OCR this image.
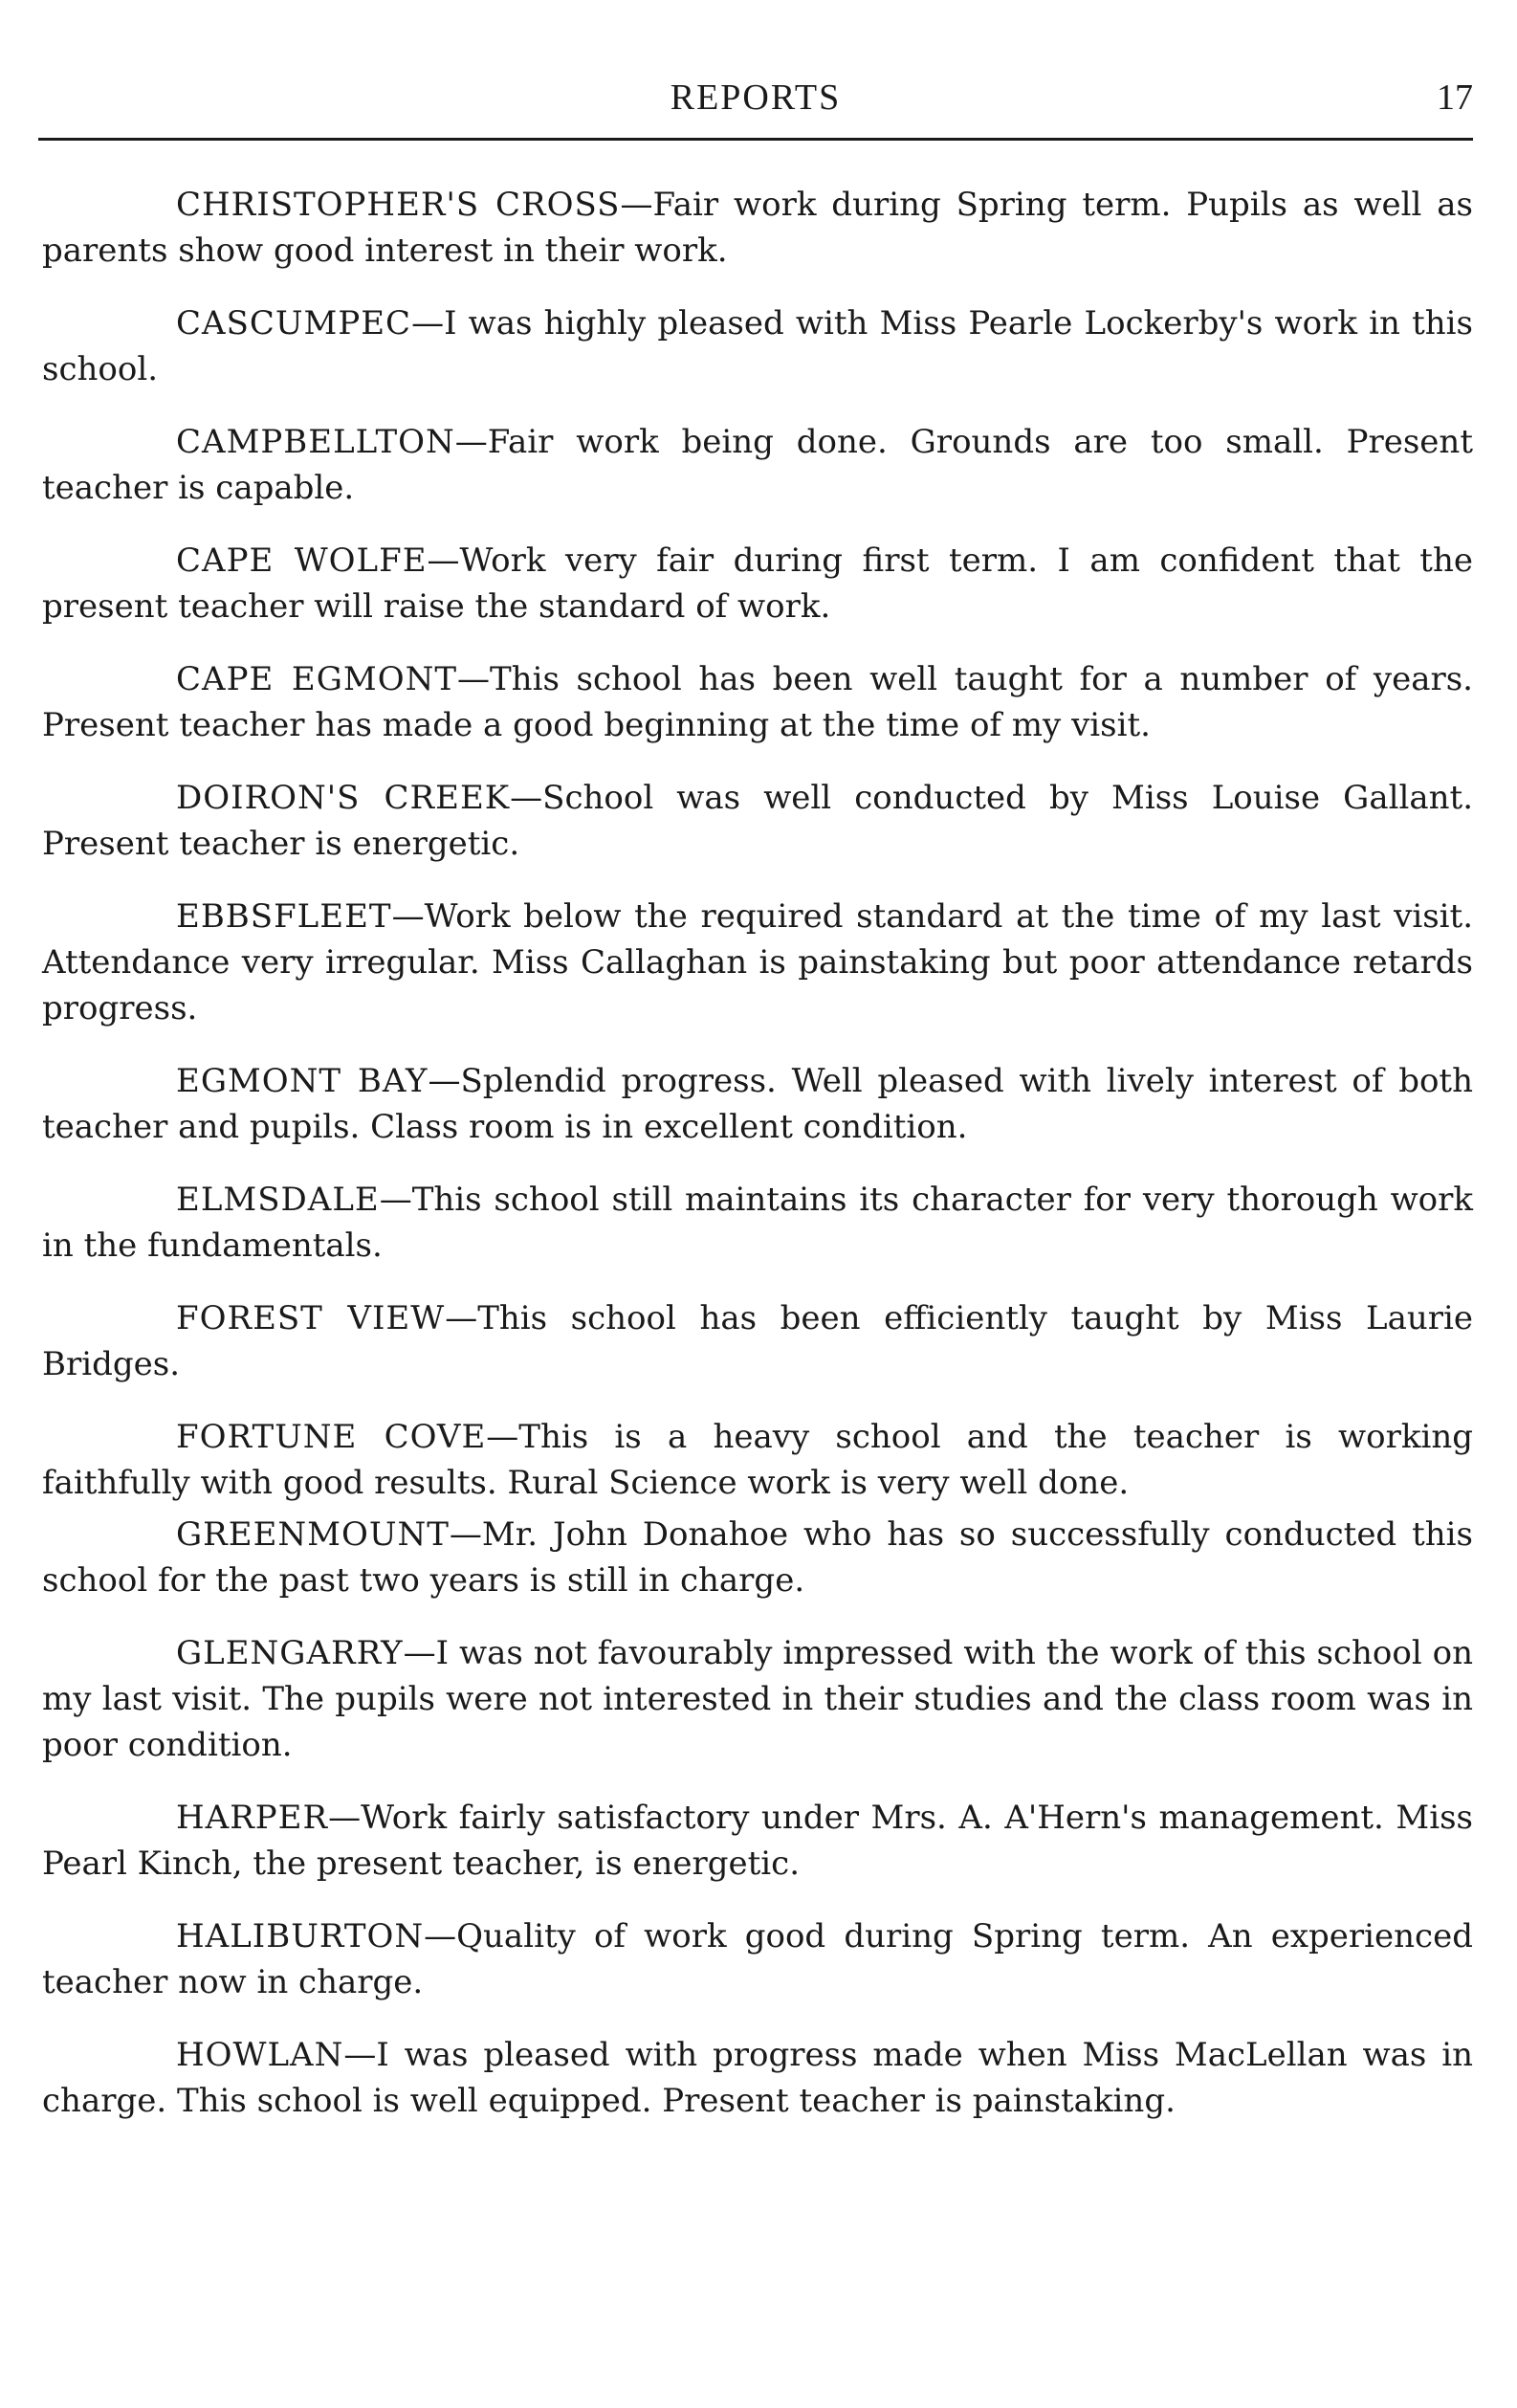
REPORTS	17

CHRISTOPHER'S CROSS—Fair work during Spring term. Pupils as well as parents show good interest in their work.

CASCUMPEC—I was highly pleased with Miss Pearle Lockerby's work in this school.

CAMPBELLTON—Fair work being done. Grounds are too small. Present teacher is capable.

CAPE WOLFE—Work very fair during first term. I am confident that the present teacher will raise the standard of work.

CAPE EGMONT—This school has been well taught for a number of years. Present teacher has made a good beginning at the time of my visit.

DOIRON'S CREEK—School was well conducted by Miss Louise Gallant. Present teacher is energetic.

EBBSFLEET—Work below the required standard at the time of my last visit. Attendance very irregular. Miss Callaghan is painstaking but poor attendance retards progress.

EGMONT BAY—Splendid progress. Well pleased with lively interest of both teacher and pupils. Class room is in excellent condition.

ELMSDALE—This school still maintains its character for very thorough work in the fundamentals.

FOREST VIEW—This school has been efficiently taught by Miss Laurie Bridges.

FORTUNE COVE—This is a heavy school and the teacher is working faithfully with good results. Rural Science work is very well done.

GREENMOUNT—Mr. John Donahoe who has so successfully conducted this school for the past two years is still in charge.

GLENGARRY—I was not favourably impressed with the work of this school on my last visit. The pupils were not interested in their studies and the class room was in poor condition.

HARPER—Work fairly satisfactory under Mrs. A. A'Hern's management. Miss Pearl Kinch, the present teacher, is energetic.

HALIBURTON—Quality of work good during Spring term. An experienced teacher now in charge.

HOWLAN—I was pleased with progress made when Miss MacLellan was in charge. This school is well equipped. Present teacher is painstaking.
